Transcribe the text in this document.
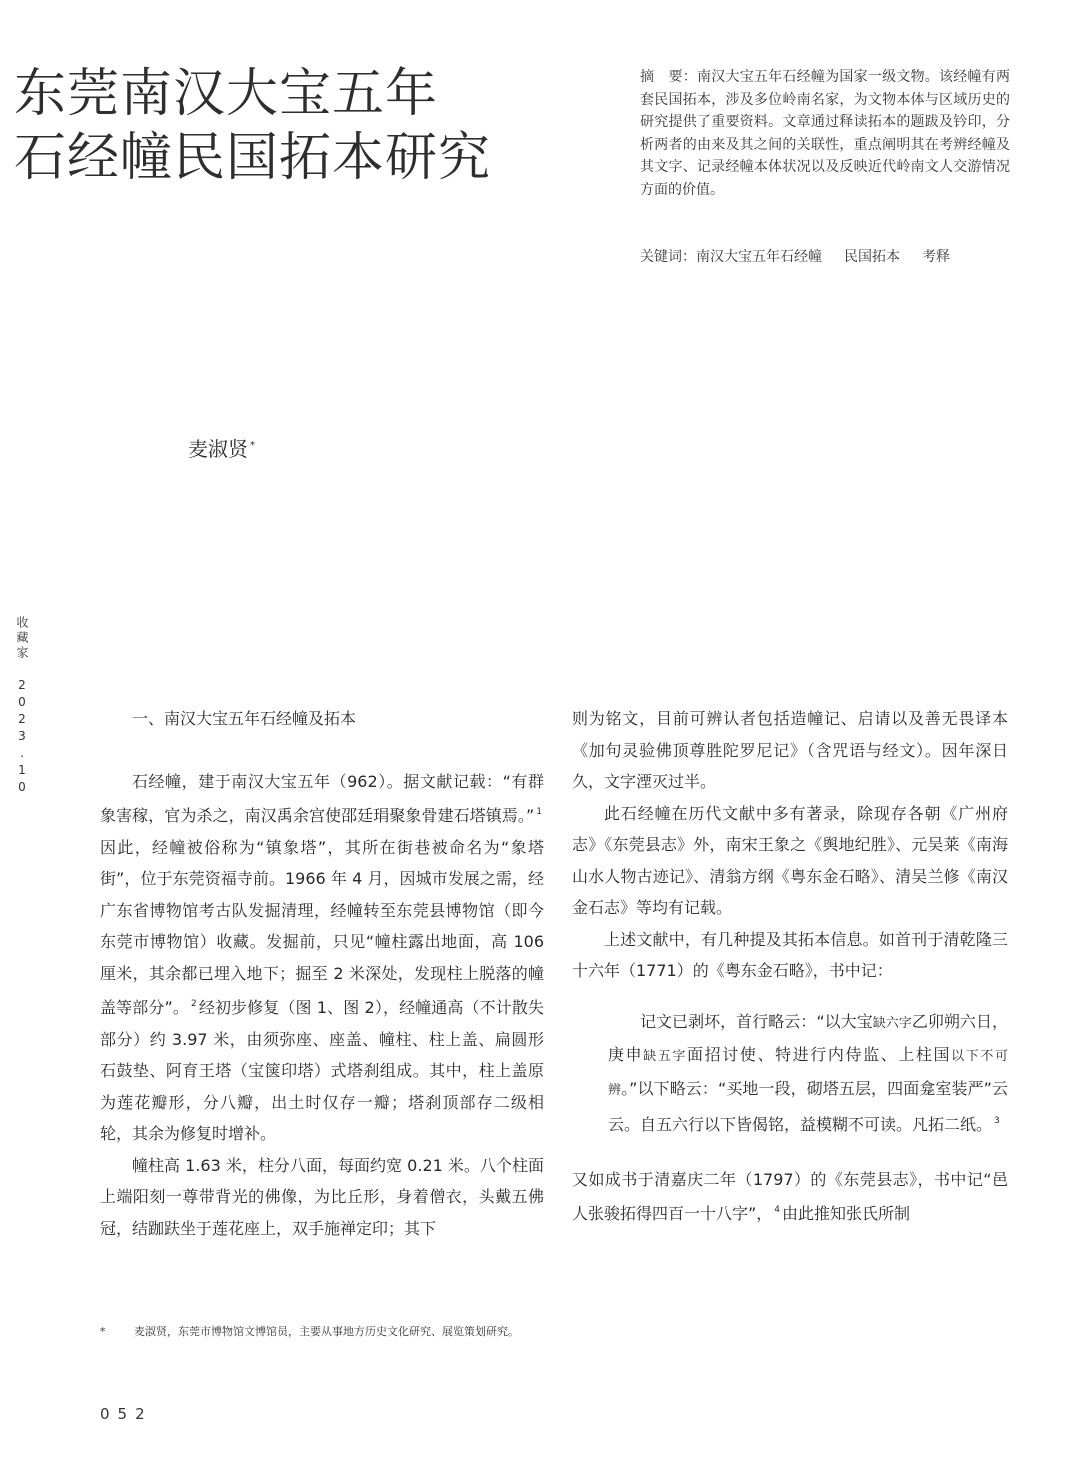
东莞南汉大宝五年
石经幢民国拓本研究
摘　要：南汉大宝五年石经幢为国家一级文物。该经幢有两套民国拓本，涉及多位岭南名家，为文物本体与区域历史的研究提供了重要资料。文章通过释读拓本的题跋及钤印，分析两者的由来及其之间的关联性，重点阐明其在考辨经幢及其文字、记录经幢本体状况以及反映近代岭南文人交游情况方面的价值。
关键词：南汉大宝五年石经幢 民国拓本 考释
麦淑贤 *
收藏家 2023.10	一、南汉大宝五年石经幢及拓本

石经幢，建于南汉大宝五年（962）。据文献记载：“有群象害稼，官为杀之，南汉禹余宫使邵廷琄聚象骨建石塔镇焉。” $^1$因此，经幢被俗称为“镇象塔”，其所在街巷被命名为“象塔街”，位于东莞资福寺前。1966 年 4 月，因城市发展之需，经广东省博物馆考古队发掘清理，经幢转至东莞县博物馆（即今东莞市博物馆）收藏。发掘前，只见“幢柱露出地面，高 106 厘米，其余都已埋入地下；掘至 2 米深处，发现柱上脱落的幢盖等部分”。 $^2$ 经初步修复（图 1、图 2），经幢通高（不计散失部分）约 3.97 米，由须弥座、座盖、幢柱、柱上盖、扁圆形石鼓垫、阿育王塔（宝箧印塔）式塔刹组成。其中，柱上盖原为莲花瓣形，分八瓣，出土时仅存一瓣；塔刹顶部存二级相轮，其余为修复时增补。

幢柱高 1.63 米，柱分八面，每面约宽 0.21 米。八个柱面上端阳刻一尊带背光的佛像，为比丘形，身着僧衣，头戴五佛冠，结跏趺坐于莲花座上，双手施禅定印；其下

则为铭文，目前可辨认者包括造幢记、启请以及善无畏译本《加句灵验佛顶尊胜陀罗尼记》（含咒语与经文）。因年深日久，文字湮灭过半。

此石经幢在历代文献中多有著录，除现存各朝《广州府志》《东莞县志》外，南宋王象之《舆地纪胜》、元吴莱《南海山水人物古迹记》、清翁方纲《粤东金石略》、清吴兰修《南汉金石志》等均有记载。

上述文献中，有几种提及其拓本信息。如首刊于清乾隆三十六年（1771）的《粤东金石略》，书中记：

记文已剥坏，首行略云：“以大宝缺六字乙卯朔六日，庚申缺五字面招讨使、特进行内侍监、上柱国以下不可辨。”以下略云：“买地一段，砌塔五层，四面龛室装严”云云。自五六行以下皆偈铭，益模糊不可读。凡拓二纸。 $^3$

又如成书于清嘉庆二年（1797）的《东莞县志》，书中记“邑人张骏拓得四百一十八字”， $^4$ 由此推知张氏所制

*	麦淑贤，东莞市博物馆文博馆员，主要从事地方历史文化研究、展览策划研究。
052
